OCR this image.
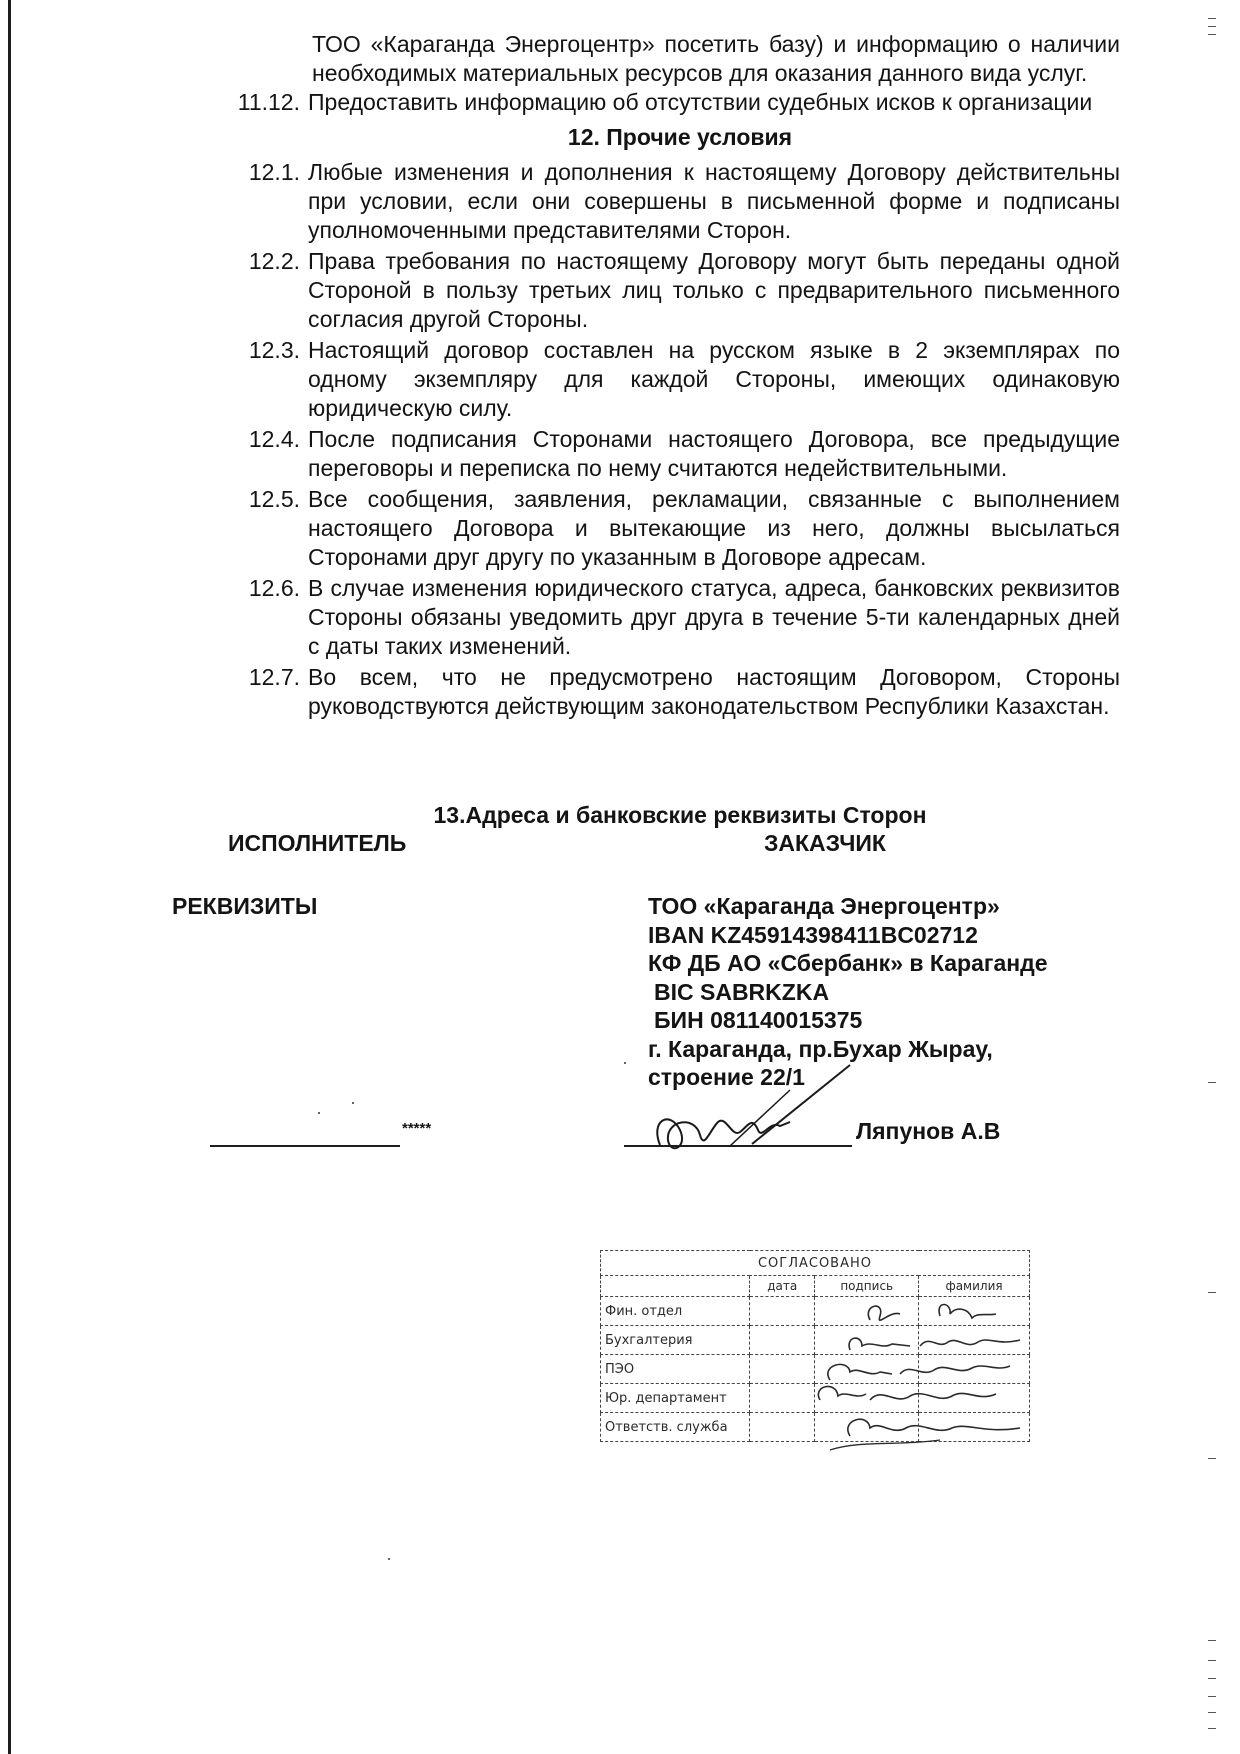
ТОО «Караганда Энергоцентр» посетить базу) и информацию о наличии необходимых материальных ресурсов для оказания данного вида услуг.

11.12. Предоставить информацию об отсутствии судебных исков к организации
12. Прочие условия
12.1. Любые изменения и дополнения к настоящему Договору действительны при условии, если они совершены в письменной форме и подписаны уполномоченными представителями Сторон.
12.2. Права требования по настоящему Договору могут быть переданы одной Стороной в пользу третьих лиц только с предварительного письменного согласия другой Стороны.
12.3. Настоящий договор составлен на русском языке в 2 экземплярах по одному экземпляру для каждой Стороны, имеющих одинаковую юридическую силу.
12.4. После подписания Сторонами настоящего Договора, все предыдущие переговоры и переписка по нему считаются недействительными.
12.5. Все сообщения, заявления, рекламации, связанные с выполнением настоящего Договора и вытекающие из него, должны высылаться Сторонами друг другу по указанным в Договоре адресам.
12.6. В случае изменения юридического статуса, адреса, банковских реквизитов Стороны обязаны уведомить друг друга в течение 5-ти календарных дней с даты таких изменений.
12.7. Во всем, что не предусмотрено настоящим Договором, Стороны руководствуются действующим законодательством Республики Казахстан.
13.Адреса и банковские реквизиты Сторон
ИСПОЛНИТЕЛЬ	ЗАКАЗЧИК
РЕКВИЗИТЫ	ТОО «Караганда Энергоцентр»
IBAN KZ45914398411BC02712
КФ ДБ АО «Сбербанк» в Караганде
BIC SABRKZKA
БИН 081140015375
г. Караганда, пр.Бухар Жырау,
строение 22/1
*****	Ляпунов А.В
СОГЛАСОВАНО			
	дата	подпись	фамилия
Фин. отдел			
Бухгалтерия			
ПЭО			
Юр. департамент			
Ответств. служба			
